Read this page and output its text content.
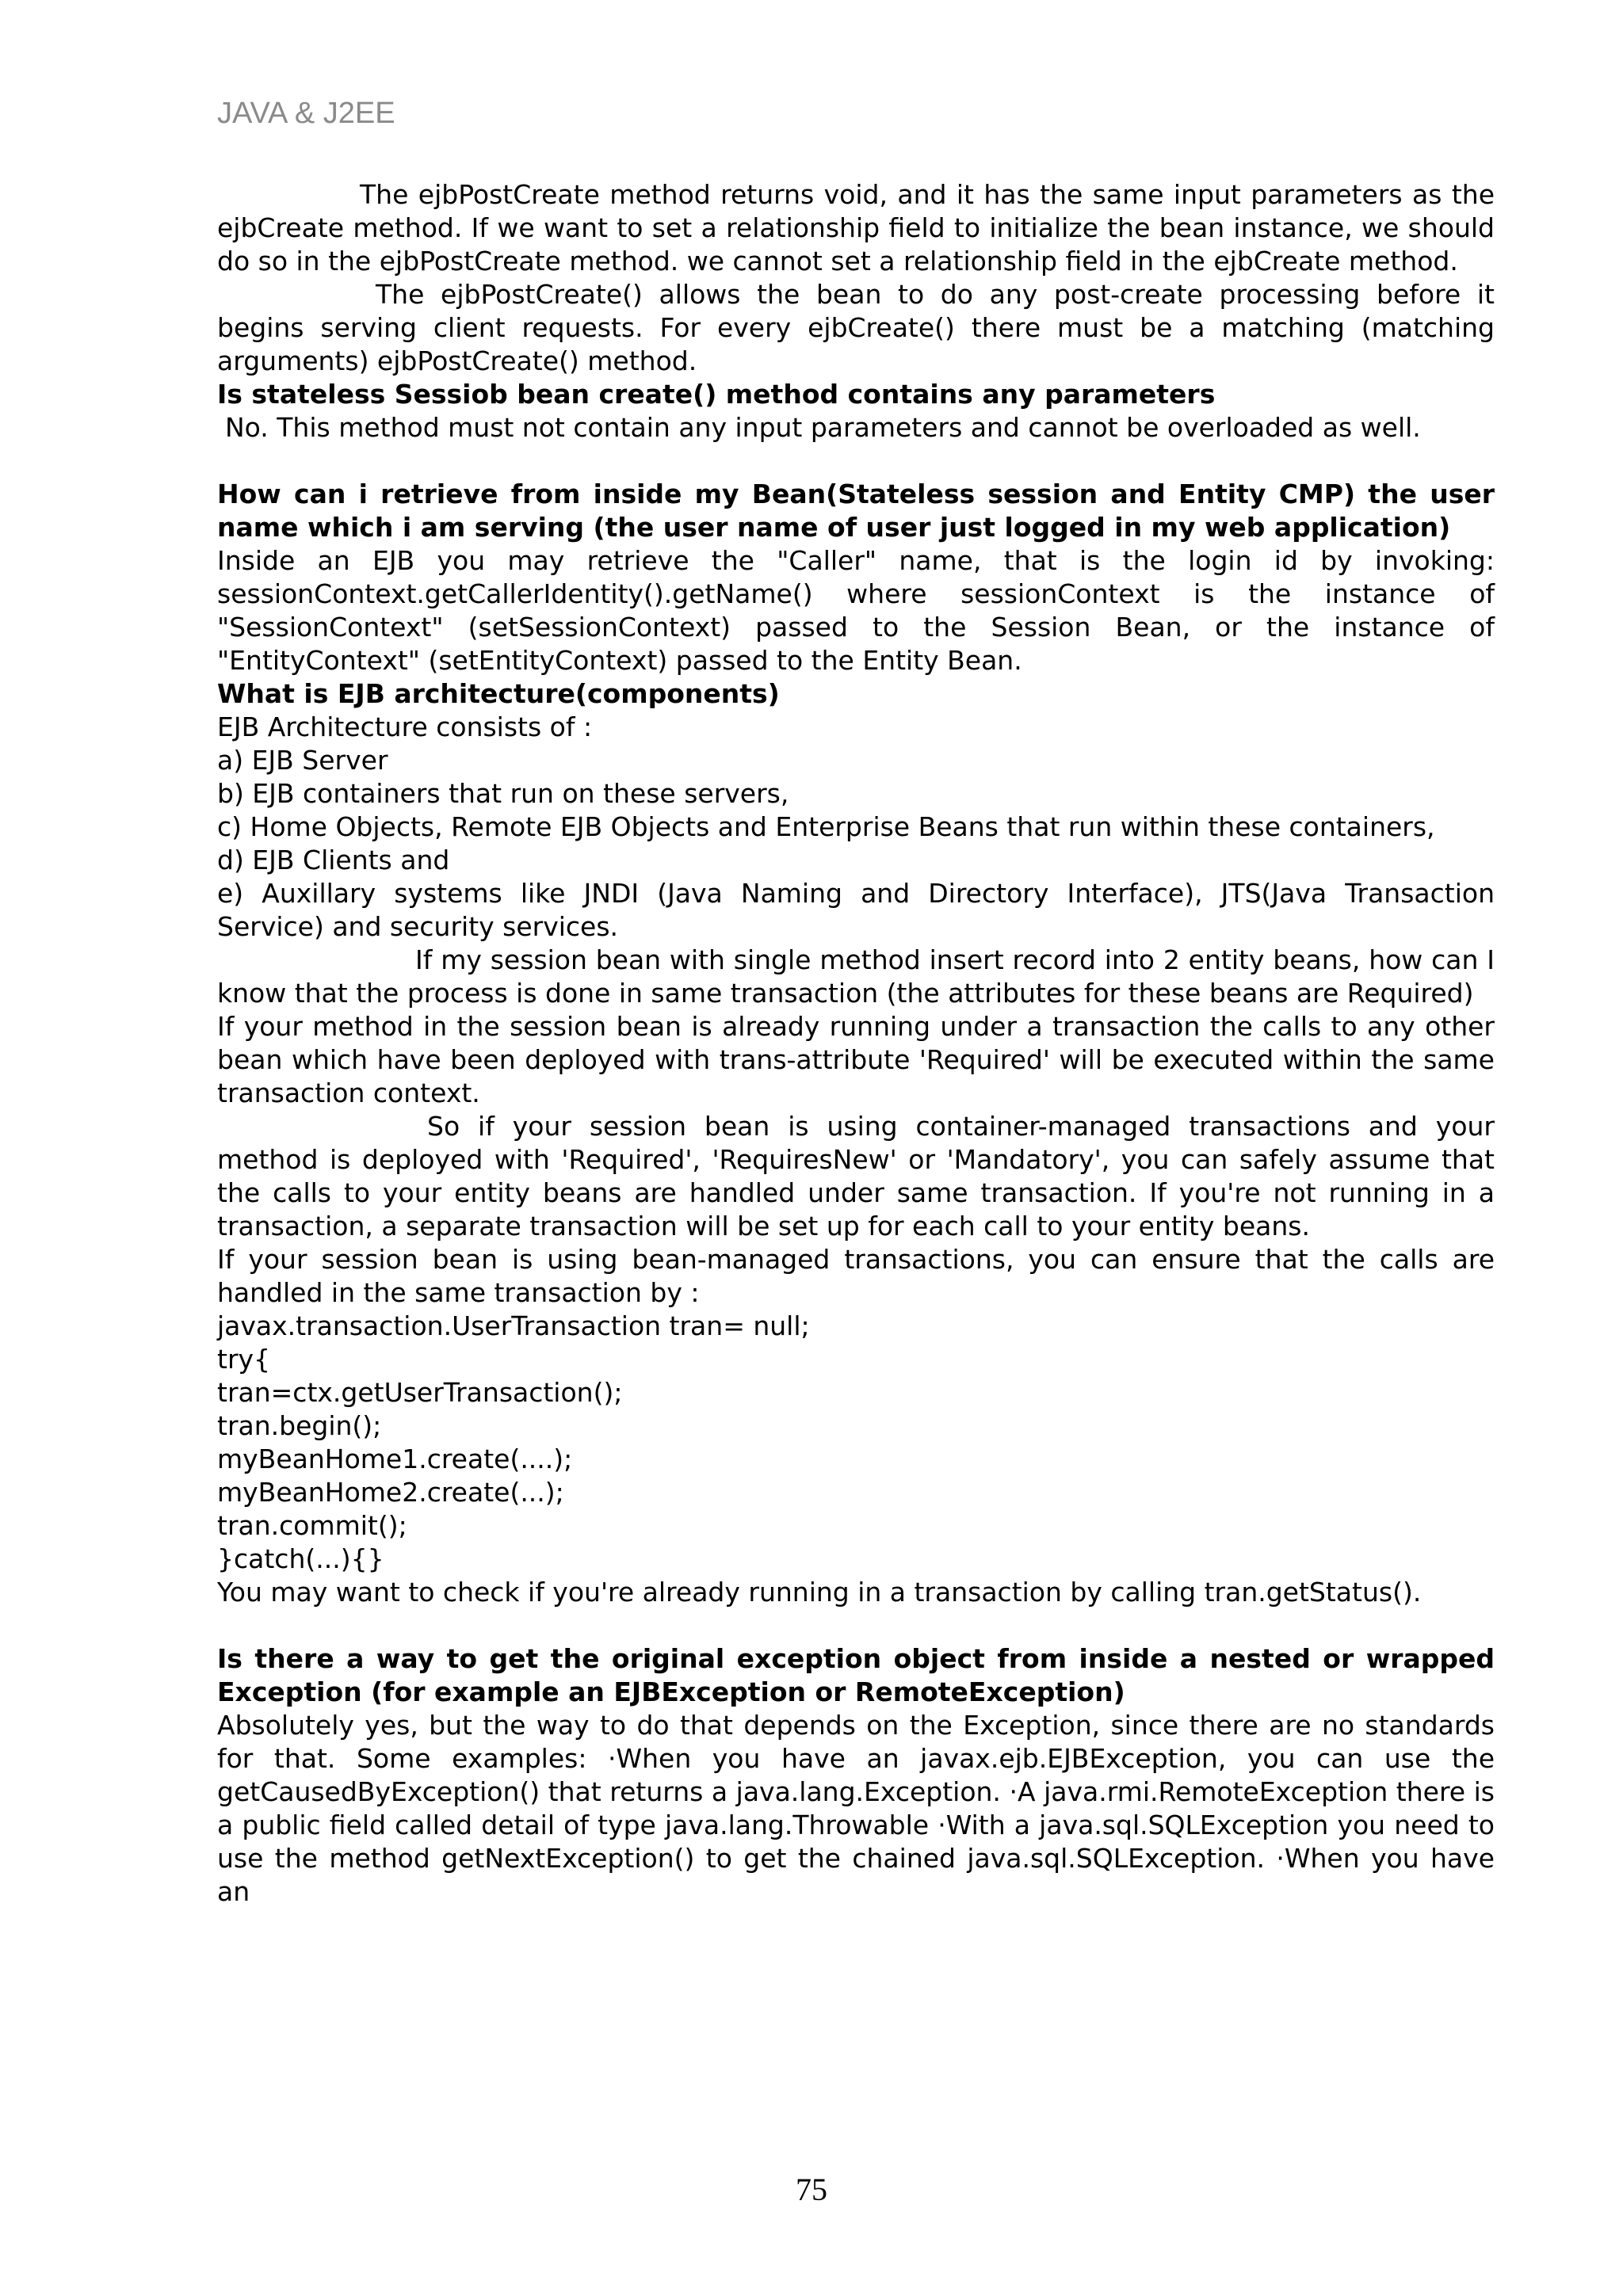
JAVA & J2EE

The ejbPostCreate method returns void, and it has the same input parameters as the ejbCreate method. If we want to set a relationship field to initialize the bean instance, we should do so in the ejbPostCreate method. we cannot set a relationship field in the ejbCreate method.

The ejbPostCreate() allows the bean to do any post-create processing before it begins serving client requests. For every ejbCreate() there must be a matching (matching arguments) ejbPostCreate() method.

Is stateless Sessiob bean create() method contains any parameters

No. This method must not contain any input parameters and cannot be overloaded as well.

How can i retrieve from inside my Bean(Stateless session and Entity CMP) the user name which i am serving (the user name of user just logged in my web application)

Inside an EJB you may retrieve the "Caller" name, that is the login id by invoking: sessionContext.getCallerIdentity().getName() where sessionContext is the instance of "SessionContext" (setSessionContext) passed to the Session Bean, or the instance of "EntityContext" (setEntityContext) passed to the Entity Bean.

What is EJB architecture(components)

EJB Architecture consists of :

a) EJB Server

b) EJB containers that run on these servers,

c) Home Objects, Remote EJB Objects and Enterprise Beans that run within these containers,

d) EJB Clients and

e) Auxillary systems like JNDI (Java Naming and Directory Interface), JTS(Java Transaction Service) and security services.

If my session bean with single method insert record into 2 entity beans, how can I know that the process is done in same transaction (the attributes for these beans are Required)

If your method in the session bean is already running under a transaction the calls to any other bean which have been deployed with trans-attribute 'Required' will be executed within the same transaction context.

So if your session bean is using container-managed transactions and your method is deployed with 'Required', 'RequiresNew' or 'Mandatory', you can safely assume that the calls to your entity beans are handled under same transaction. If you're not running in a transaction, a separate transaction will be set up for each call to your entity beans.

If your session bean is using bean-managed transactions, you can ensure that the calls are handled in the same transaction by :

javax.transaction.UserTransaction tran= null;

try{

tran=ctx.getUserTransaction();

tran.begin();

myBeanHome1.create(....);

myBeanHome2.create(...);

tran.commit();

}catch(...){}

You may want to check if you're already running in a transaction by calling tran.getStatus().

Is there a way to get the original exception object from inside a nested or wrapped Exception (for example an EJBException or RemoteException)

Absolutely yes, but the way to do that depends on the Exception, since there are no standards for that. Some examples: ·When you have an javax.ejb.EJBException, you can use the getCausedByException() that returns a java.lang.Exception. ·A java.rmi.RemoteException there is a public field called detail of type java.lang.Throwable ·With a java.sql.SQLException you need to use the method getNextException() to get the chained java.sql.SQLException. ·When you have an

75
